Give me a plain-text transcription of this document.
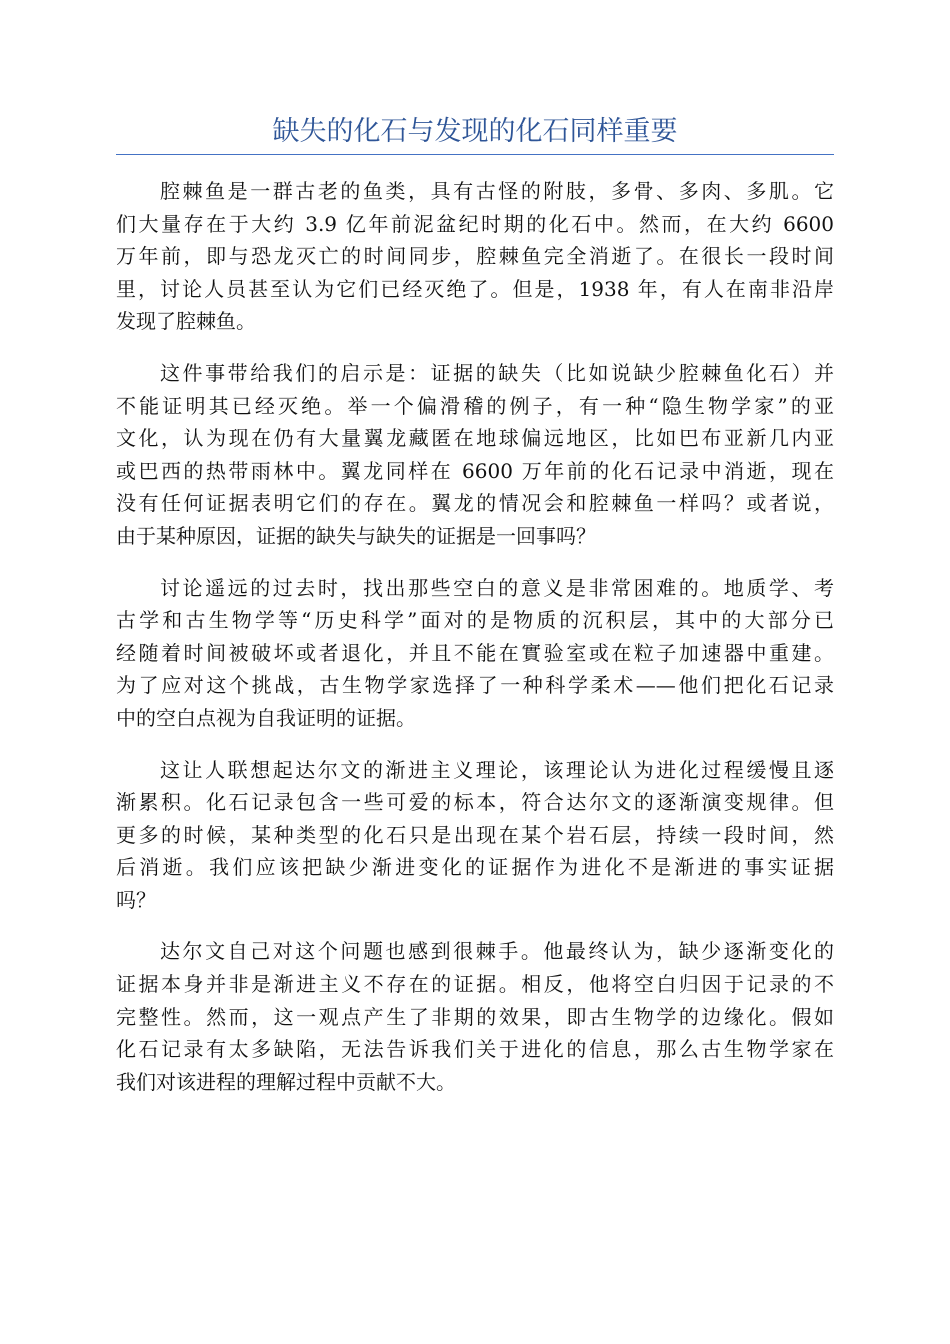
缺失的化石与发现的化石同样重要

腔棘鱼是一群古老的鱼类，具有古怪的附肢，多骨、多肉、多肌。它
们大量存在于大约 3.9 亿年前泥盆纪时期的化石中。然而，在大约 6600
万年前，即与恐龙灭亡的时间同步，腔棘鱼完全消逝了。在很长一段时间
里，讨论人员甚至认为它们已经灭绝了。但是，1938 年，有人在南非沿岸
发现了腔棘鱼。

这件事带给我们的启示是：证据的缺失（比如说缺少腔棘鱼化石）并
不能证明其已经灭绝。举一个偏滑稽的例子，有一种“隐生物学家”的亚
文化，认为现在仍有大量翼龙藏匿在地球偏远地区，比如巴布亚新几内亚
或巴西的热带雨林中。翼龙同样在 6600 万年前的化石记录中消逝，现在
没有任何证据表明它们的存在。翼龙的情况会和腔棘鱼一样吗？或者说，
由于某种原因，证据的缺失与缺失的证据是一回事吗？

讨论遥远的过去时，找出那些空白的意义是非常困难的。地质学、考
古学和古生物学等“历史科学”面对的是物质的沉积层，其中的大部分已
经随着时间被破坏或者退化，并且不能在實验室或在粒子加速器中重建。
为了应对这个挑战，古生物学家选择了一种科学柔术——他们把化石记录
中的空白点视为自我证明的证据。

这让人联想起达尔文的渐进主义理论，该理论认为进化过程缓慢且逐
渐累积。化石记录包含一些可爱的标本，符合达尔文的逐渐演变规律。但
更多的时候，某种类型的化石只是出现在某个岩石层，持续一段时间，然
后消逝。我们应该把缺少渐进变化的证据作为进化不是渐进的事实证据
吗？

达尔文自己对这个问题也感到很棘手。他最终认为，缺少逐渐变化的
证据本身并非是渐进主义不存在的证据。相反，他将空白归因于记录的不
完整性。然而，这一观点产生了非期的效果，即古生物学的边缘化。假如
化石记录有太多缺陷，无法告诉我们关于进化的信息，那么古生物学家在
我们对该进程的理解过程中贡献不大。
